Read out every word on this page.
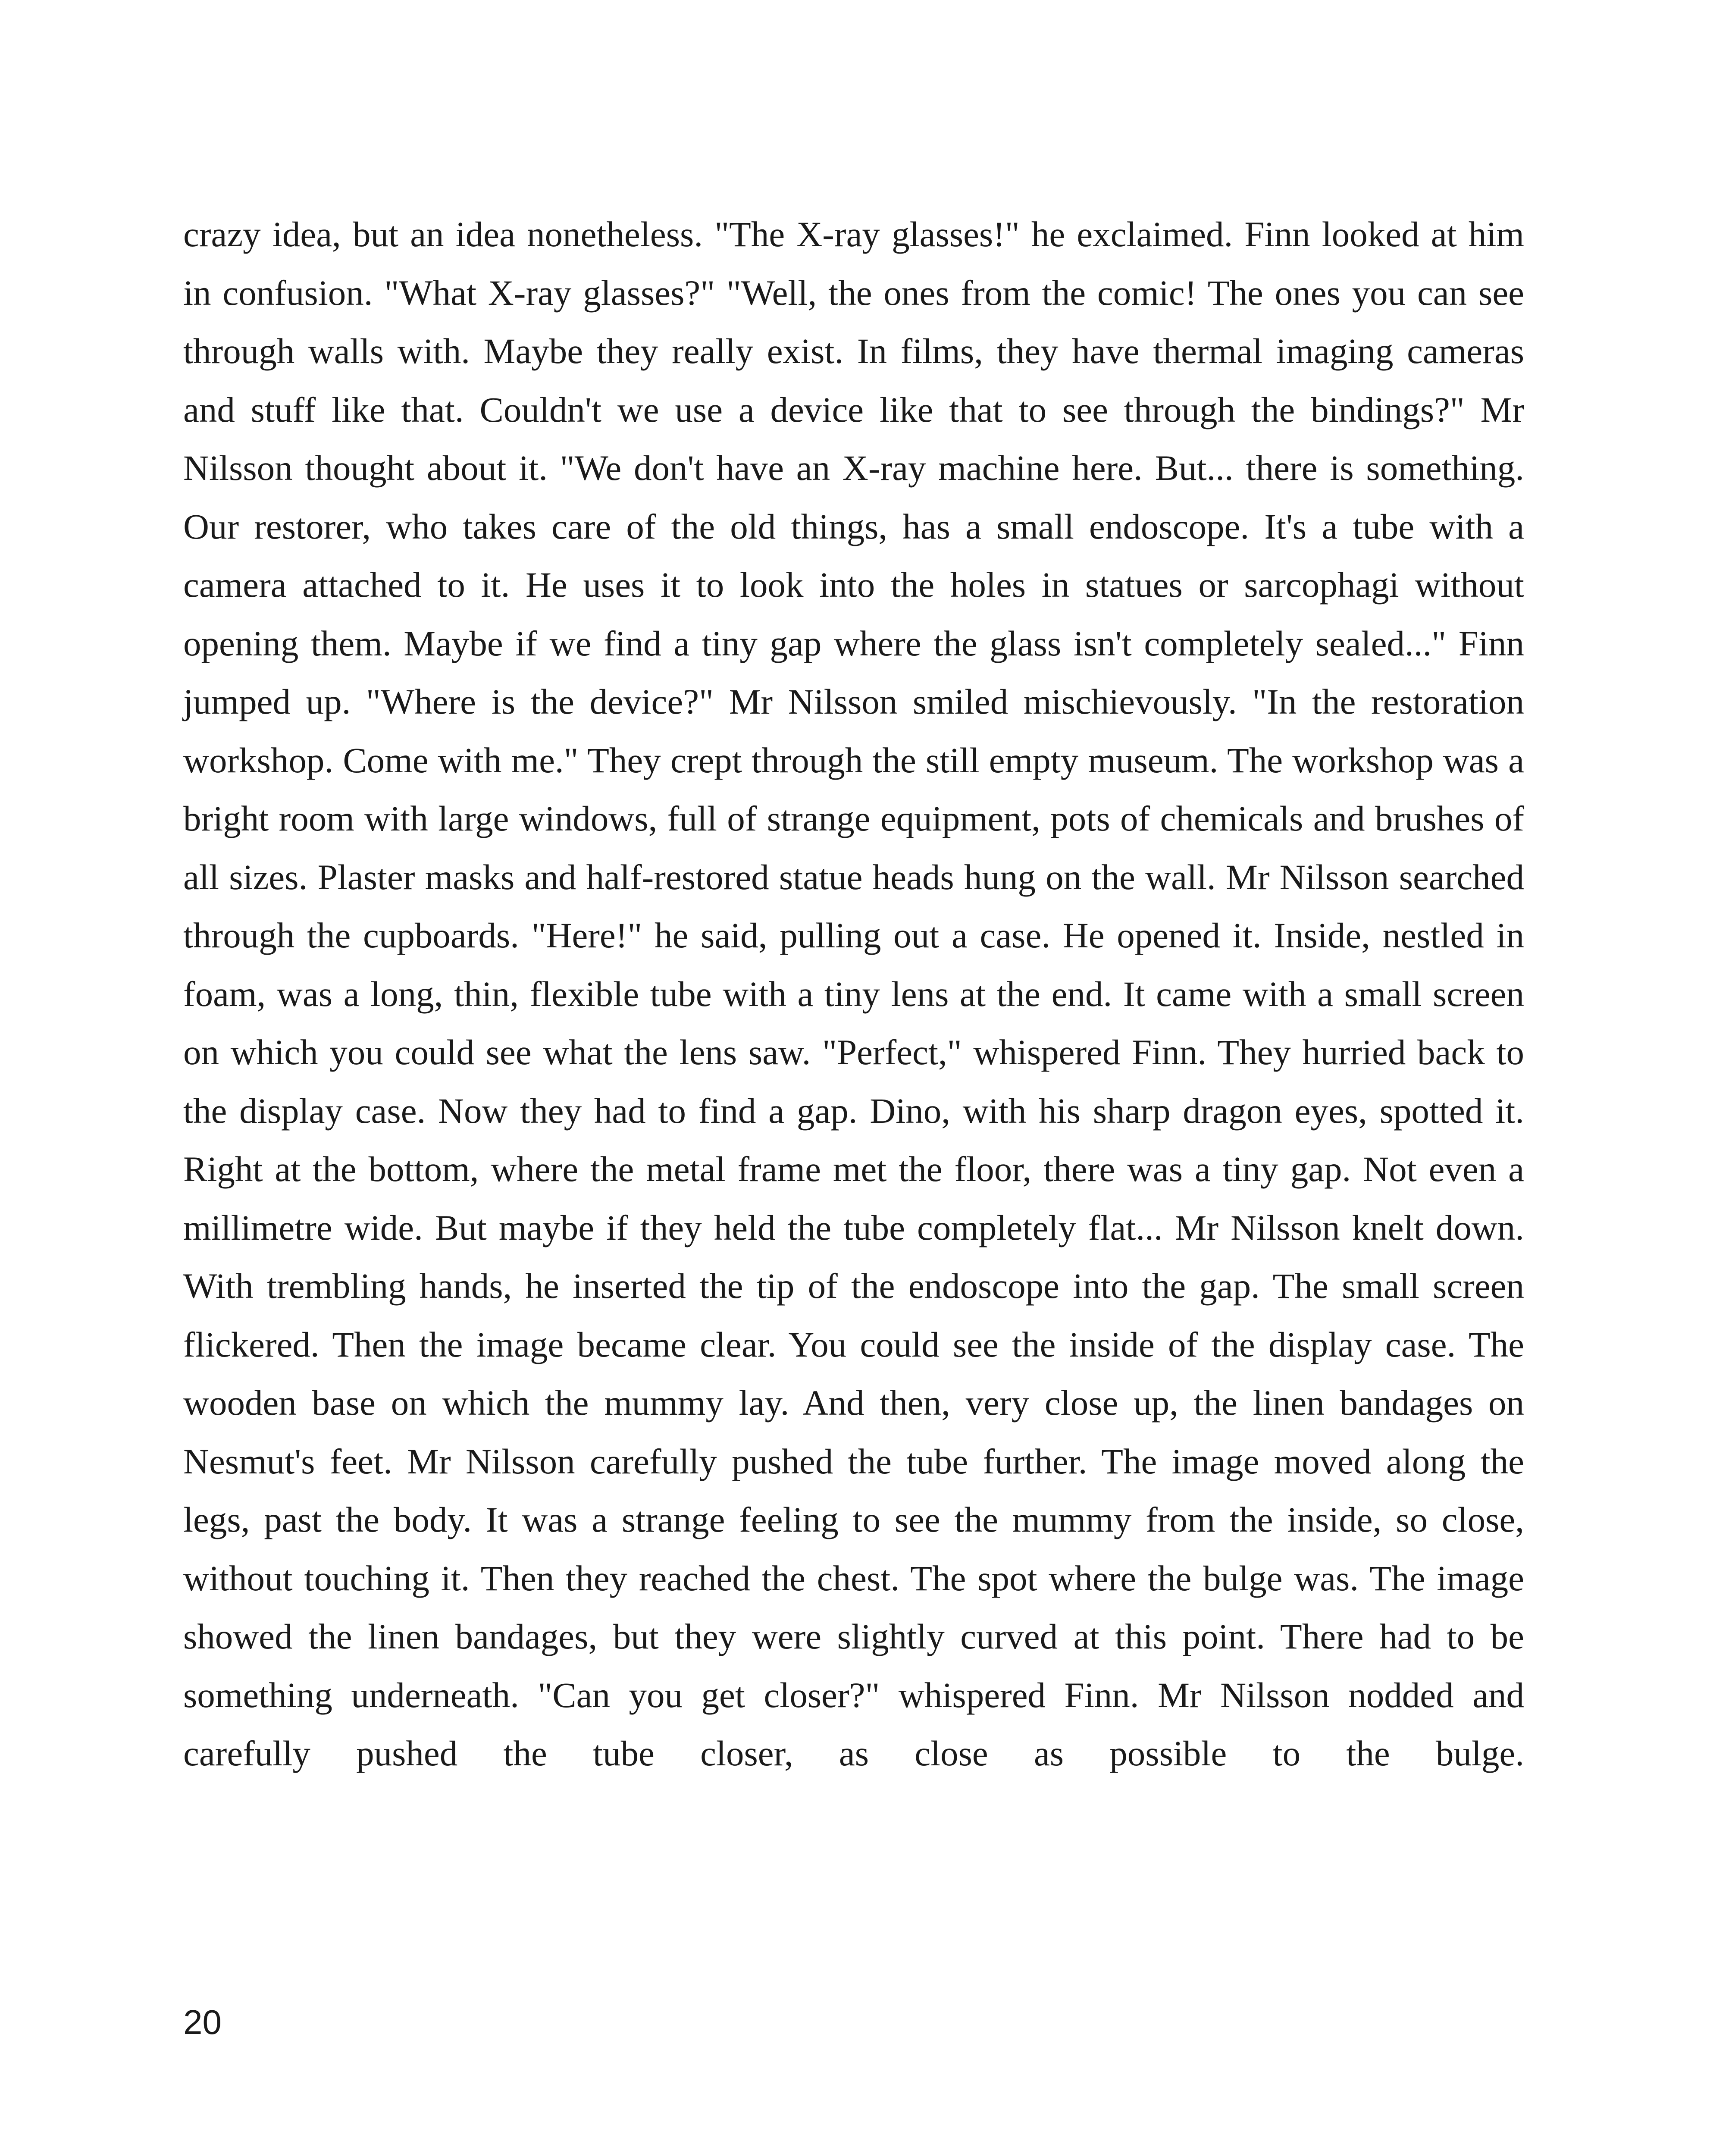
crazy idea, but an idea nonetheless. "The X-ray glasses!" he exclaimed. Finn looked at him in confusion. "What X-ray glasses?" "Well, the ones from the comic! The ones you can see through walls with. Maybe they really exist. In films, they have thermal imaging cameras and stuff like that. Couldn't we use a device like that to see through the bindings?" Mr Nilsson thought about it. "We don't have an X-ray machine here. But... there is something. Our restorer, who takes care of the old things, has a small endoscope. It's a tube with a camera attached to it. He uses it to look into the holes in statues or sarcophagi without opening them. Maybe if we find a tiny gap where the glass isn't completely sealed..." Finn jumped up. "Where is the device?" Mr Nilsson smiled mischievously. "In the restoration workshop. Come with me." They crept through the still empty museum. The workshop was a bright room with large windows, full of strange equipment, pots of chemicals and brushes of all sizes. Plaster masks and half-restored statue heads hung on the wall. Mr Nilsson searched through the cupboards. "Here!" he said, pulling out a case. He opened it. Inside, nestled in foam, was a long, thin, flexible tube with a tiny lens at the end. It came with a small screen on which you could see what the lens saw. "Perfect," whispered Finn. They hurried back to the display case. Now they had to find a gap. Dino, with his sharp dragon eyes, spotted it. Right at the bottom, where the metal frame met the floor, there was a tiny gap. Not even a millimetre wide. But maybe if they held the tube completely flat... Mr Nilsson knelt down. With trembling hands, he inserted the tip of the endoscope into the gap. The small screen flickered. Then the image became clear. You could see the inside of the display case. The wooden base on which the mummy lay. And then, very close up, the linen bandages on Nesmut's feet. Mr Nilsson carefully pushed the tube further. The image moved along the legs, past the body. It was a strange feeling to see the mummy from the inside, so close, without touching it. Then they reached the chest. The spot where the bulge was. The image showed the linen bandages, but they were slightly curved at this point. There had to be something underneath. "Can you get closer?" whispered Finn. Mr Nilsson nodded and carefully pushed the tube closer, as close as possible to the bulge.

20
